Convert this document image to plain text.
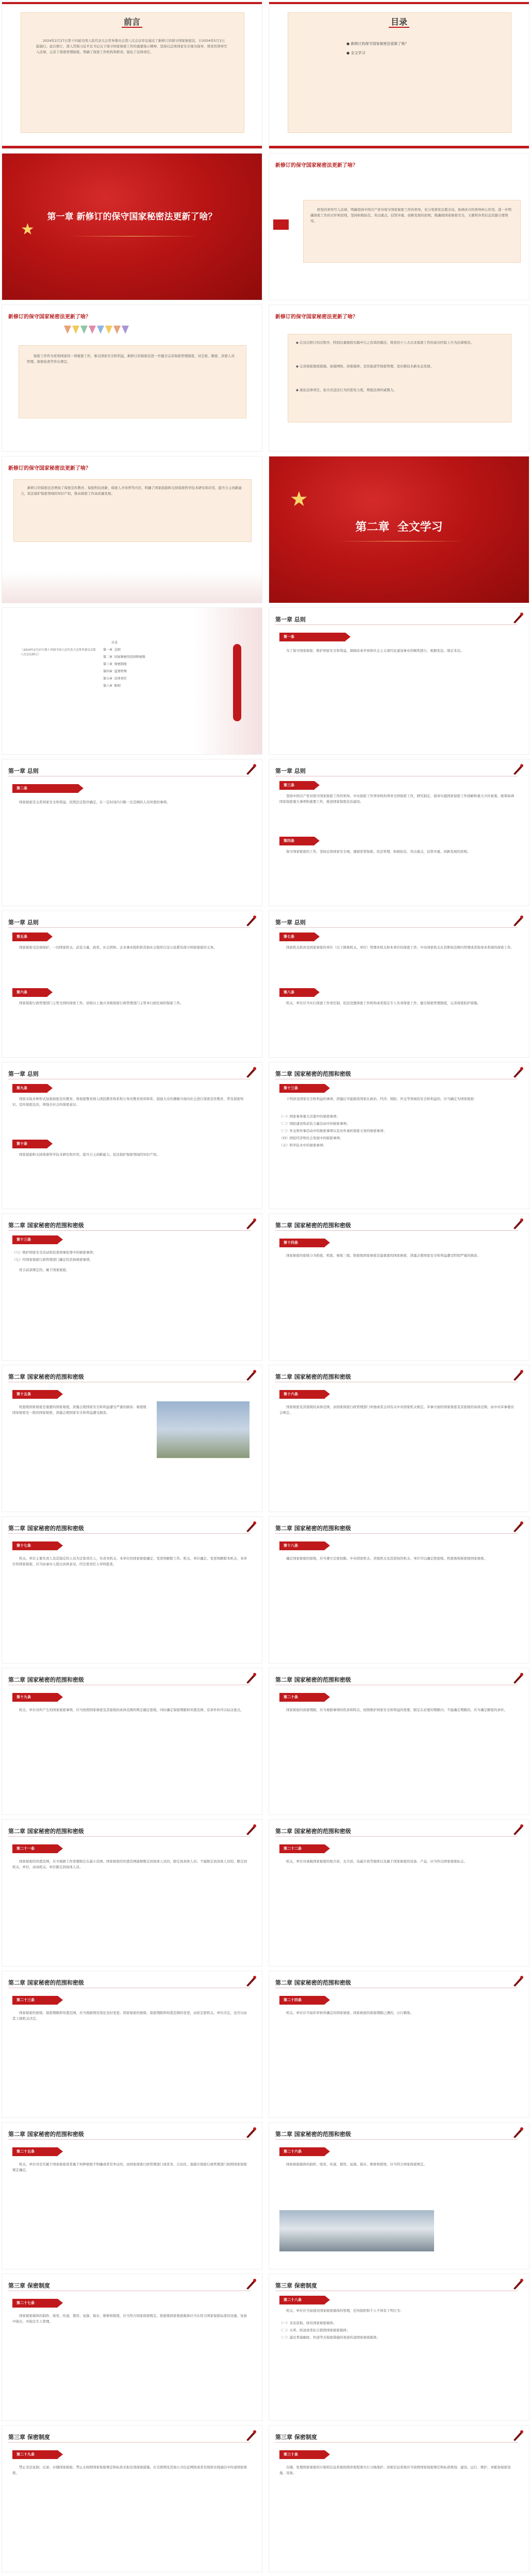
前言
2024年2月27日第十四届全国人民代表大会常务委员会第八次会议审议通过了新修订的保守国家秘密法，自2024年5月1日起施行。此次修订，深入贯彻习近平总书记关于保守国家秘密工作的重要指示精神，坚持以总体国家安全观为指导，将党的领导写入法律，完善了保密管理制度，明确了保密工作机构和职责，强化了法律责任。
目录
● 新修订的保守国家秘密法更新了啥？
● 全文学习
★
第一章 新修订的保守国家秘密法更新了啥？
新修订的保守国家秘密法更新了啥？
把党的领导写入法律，明确坚持中国共产党对保守国家秘密工作的领导，充分发挥党总揽全局、协调各方的领导核心作用。进一步明确保密工作的方针和原则，坚持积极防范、突出重点、技管并重、创新发展的原则，既确保国家秘密安全，又便利各类信息资源合理利用。
新修订的保守国家秘密法更新了啥？
保密工作作为党和国家的一项重要工作，事关国家安全和利益，新修订的保密法进一步健全完善保密管理制度，对定密、解密、涉密人员管理、保密检查等作出规定。
新修订的保守国家秘密法更新了啥？
◆ 在这次修订的过程中，特别注重吸收实践中行之有效的做法，将党的十八大以来保密工作的成功经验上升为法律规范。
◆ 完善保密制度措施，加强网络、涉密载体、宣传报道等保密管理，适应新技术新业态发展。
◆ 强化法律责任，加大对违法行为的惩处力度，增强法律的威慑力。
新修订的保守国家秘密法更新了啥？
新修订的保密法还增加了保密宣传教育、保密科技创新、保密人才培养等内容，明确了国家鼓励和支持保密科学技术研究和应用，提升自主创新能力，依法保护保密领域的知识产权，推动保密工作高质量发展。	★
第二章 全文学习
（2024年2月27日第十四届全国人民代表大会常务委员会第八次会议修订）
目录
第一章 总则
第二章 国家秘密的范围和密级
第三章 保密制度
第四章 监督管理
第五章 法律责任
第六章 附则
第一章 总则
第一条
为了保守国家秘密，维护国家安全和利益，保障改革开放和社会主义现代化建设事业的顺利进行，根据宪法，制定本法。
第一章 总则
第二条
国家秘密是关系国家安全和利益，依照法定程序确定，在一定时间内只限一定范围的人员知悉的事项。
第一章 总则
第三条
坚持中国共产党对保守国家秘密工作的领导。中央保密工作领导机构领导全国保密工作，研究制定、指导实施国家保密工作战略和重大方针政策，统筹协调国家保密重大事项和重要工作，推进国家保密法治建设。
第四条
保守国家秘密的工作，坚持总体国家安全观，遵循党管保密、依法管理，积极防范、突出重点，技管并重、创新发展的原则。
第一章 总则
第五条
国家秘密受法律保护。一切国家机关、武装力量、政党、社会团体、企业事业组织和其他社会组织以及公民都有保守国家秘密的义务。
第六条
国家保密行政管理部门主管全国的保密工作。县级以上地方各级保密行政管理部门主管本行政区域的保密工作。
第一章 总则
第七条
国家机关和涉及国家秘密的单位（以下简称机关、单位）管理本机关和本单位的保密工作。中央国家机关在其职权范围内管理或者指导本系统的保密工作。
第八条
机关、单位应当实行保密工作责任制，依法设置保密工作机构或者指定专人负责保密工作，健全保密管理制度，完善保密防护措施。
第一章 总则
第九条
国家采取多种形式加强保密宣传教育，将保密教育纳入国民教育体系和公务员教育培训体系，鼓励大众传播媒介面向社会进行保密宣传教育，普及保密知识，宣传保密法治，增强全社会的保密意识。
第十条
国家鼓励和支持保密科学技术研究和应用，提升自主创新能力，依法保护保密领域的知识产权。
第二章 国家秘密的范围和密级
第十三条
下列涉及国家安全和利益的事项，泄露后可能损害国家在政治、经济、国防、外交等领域的安全和利益的，应当确定为国家秘密：
（一）国家事务重大决策中的秘密事项；
（二）国防建设和武装力量活动中的秘密事项；
（三）外交和外事活动中的秘密事项以及对外承担保密义务的秘密事项；
（四）国民经济和社会发展中的秘密事项；
（五）科学技术中的秘密事项；
第二章 国家秘密的范围和密级
第十三条
（六）维护国家安全活动和追查刑事犯罪中的秘密事项；
（七）经国家保密行政管理部门确定的其他秘密事项。
符合前款规定的，属于国家秘密。
第二章 国家秘密的范围和密级
第十四条
国家秘密的密级分为绝密、机密、秘密三级。绝密级国家秘密是最重要的国家秘密，泄露会使国家安全和利益遭受特别严重的损害。
第二章 国家秘密的范围和密级
第十五条
机密级国家秘密是重要的国家秘密，泄露会使国家安全和利益遭受严重的损害；秘密级国家秘密是一般的国家秘密，泄露会使国家安全和利益遭受损害。
第二章 国家秘密的范围和密级
第十六条
国家秘密及其密级的具体范围，由国家保密行政管理部门单独或者会同有关中央国家机关规定。军事方面的国家秘密及其密级的具体范围，由中央军事委员会规定。
第二章 国家秘密的范围和密级
第十七条
机关、单位主要负责人及其指定的人员为定密责任人，负责本机关、本单位的国家秘密确定、变更和解除工作。机关、单位确定、变更和解除本机关、本单位的国家秘密，应当由承办人提出具体意见，经定密责任人审核批准。
第二章 国家秘密的范围和密级
第十八条
确定国家秘密的密级，应当遵守定密权限。中央国家机关、省级机关及其授权的机关、单位可以确定绝密级、机密级和秘密级国家秘密。
第二章 国家秘密的范围和密级
第十九条
机关、单位对所产生的国家秘密事项，应当按照国家秘密及其密级的具体范围的规定确定密级，同时确定保密期限和知悉范围；有条件的可以标注密点。
第二章 国家秘密的范围和密级
第二十条
国家秘密的保密期限，应当根据事项的性质和特点，按照维护国家安全和利益的需要，限定在必要的期限内；不能确定期限的，应当确定解密的条件。
第二章 国家秘密的范围和密级
第二十一条
国家秘密的知悉范围，应当根据工作需要限定在最小范围。国家秘密的知悉范围能够限定到具体人员的，限定到具体人员；不能限定到具体人员的，限定到机关、单位，由该机关、单位限定到具体人员。
第二章 国家秘密的范围和密级
第二十二条
机关、单位对承载国家秘密的纸介质、光介质、电磁介质等载体以及属于国家秘密的设备、产品，应当作出国家秘密标志。
第二章 国家秘密的范围和密级
第二十三条
国家秘密的密级、保密期限和知悉范围，应当根据情况变化及时变更。国家秘密的密级、保密期限和知悉范围的变更，由原定密机关、单位决定，也可以由其上级机关决定。
第二章 国家秘密的范围和密级
第二十四条
机关、单位应当每年审核所确定的国家秘密。国家秘密的保密期限已满的，自行解密。
第二章 国家秘密的范围和密级
第二十五条
机关、单位对是否属于国家秘密或者属于何种密级不明确或者有争议的，由国家保密行政管理部门或者省、自治区、直辖市保密行政管理部门按照国家保密规定确定。
第二章 国家秘密的范围和密级
第二十六条
国家秘密载体的制作、收发、传递、使用、复制、保存、维修和销毁，应当符合国家保密规定。
第三章 保密制度
第二十七条
国家秘密载体的制作、收发、传递、使用、复制、保存、维修和销毁，应当符合国家保密规定。绝密级国家秘密载体应当在符合国家保密标准的设施、设备中保存，并指定专人管理。
第三章 保密制度
第二十八条
机关、单位应当加强对国家秘密载体的管理，任何组织和个人不得有下列行为：
（一）非法获取、持有国家秘密载体；
（二）买卖、转送或者私自销毁国家秘密载体；
（三）通过普通邮政、快递等无保密措施的渠道传递国家秘密载体；
第三章 保密制度
第二十九条
禁止非法复制、记录、存储国家秘密。禁止未按照国家保密规定和标准采取有效保密措施，在互联网及其他公共信息网络或者有线和无线通信中传递国家秘密。
第三章 保密制度
第三十条
存储、处理国家秘密的计算机信息系统按照涉密程度实行分级保护。涉密信息系统应当按照国家保密规定和标准规划、建设、运行、维护，并配备保密设施、设备。
